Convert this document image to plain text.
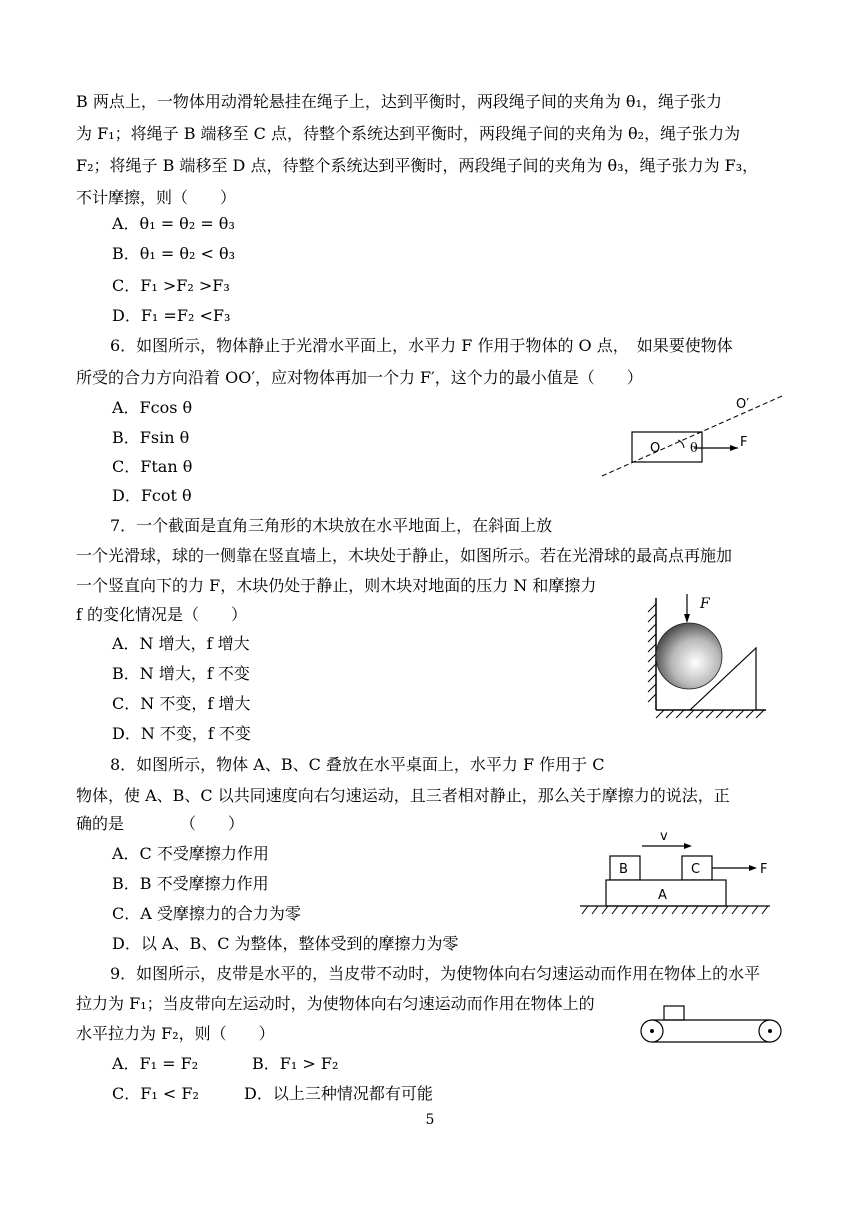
B 两点上，一物体用动滑轮悬挂在绳子上，达到平衡时，两段绳子间的夹角为 θ₁，绳子张力
为 F₁；将绳子 B 端移至 C 点，待整个系统达到平衡时，两段绳子间的夹角为 θ₂，绳子张力为
F₂；将绳子 B 端移至 D 点，待整个系统达到平衡时，两段绳子间的夹角为 θ₃，绳子张力为 F₃，
不计摩擦，则（　　）
A．θ₁ = θ₂ = θ₃
B．θ₁ = θ₂ < θ₃
C．F₁ >F₂ >F₃
D．F₁ =F₂ <F₃
6．如图所示，物体静止于光滑水平面上，水平力 F 作用于物体的 O 点，　如果要使物体
所受的合力方向沿着 OO′，应对物体再加一个力 F′，这个力的最小值是（　　）
A．Fcos θ
B．Fsin θ
C．Ftan θ
D．Fcot θ
O θ	F
O′
7．一个截面是直角三角形的木块放在水平地面上，在斜面上放
一个光滑球，球的一侧靠在竖直墙上，木块处于静止，如图所示。若在光滑球的最高点再施加
一个竖直向下的力 F，木块仍处于静止，则木块对地面的压力 N 和摩擦力
f 的变化情况是（　　）
A．N 增大，f 增大
B．N 增大，f 不变
C．N 不变，f 增大
D．N 不变，f 不变
F
8．如图所示，物体 A、B、C 叠放在水平桌面上，水平力 F 作用于 C
物体，使 A、B、C 以共同速度向右匀速运动，且三者相对静止，那么关于摩擦力的说法，正
确的是　　　　（　　）
A．C 不受摩擦力作用
B．B 不受摩擦力作用
C．A 受摩擦力的合力为零
D．以 A、B、C 为整体，整体受到的摩擦力为零
v
B	C	F
A
9．如图所示，皮带是水平的，当皮带不动时，为使物体向右匀速运动而作用在物体上的水平
拉力为 F₁；当皮带向左运动时，为使物体向右匀速运动而作用在物体上的
水平拉力为 F₂，则（　　）
A．F₁ = F₂	B．F₁ > F₂
C．F₁ < F₂	D．以上三种情况都有可能
5
